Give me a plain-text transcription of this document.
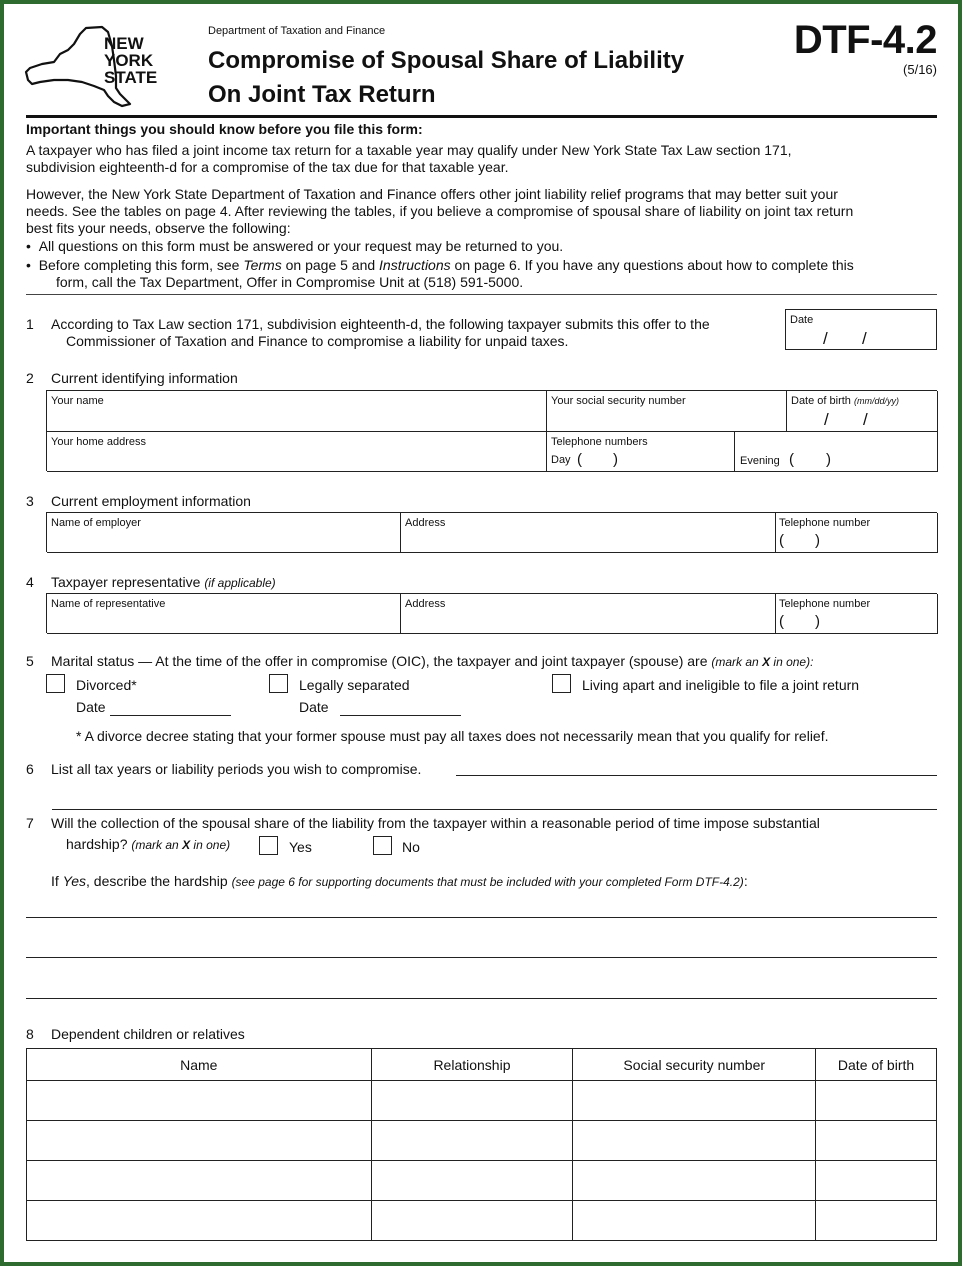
NEW
YORK
STATE
Department of Taxation and Finance
Compromise of Spousal Share of Liability
On Joint Tax Return
DTF-4.2
(5/16)
Important things you should know before you file this form:
A taxpayer who has filed a joint income tax return for a taxable year may qualify under New York State Tax Law section 171,
subdivision eighteenth-d for a compromise of the tax due for that taxable year.
However, the New York State Department of Taxation and Finance offers other joint liability relief programs that may better suit your
needs. See the tables on page 4. After reviewing the tables, if you believe a compromise of spousal share of liability on joint tax return
best fits your needs, observe the following:
• All questions on this form must be answered or your request may be returned to you.
• Before completing this form, see Terms on page 5 and Instructions on page 6. If you have any questions about how to complete this
form, call the Tax Department, Offer in Compromise Unit at (518) 591-5000.
1 According to Tax Law section 171, subdivision eighteenth-d, the following taxpayer submits this offer to the
Commissioner of Taxation and Finance to compromise a liability for unpaid taxes.
Date
/ /
2 Current identifying information
Your name	Your social security number	Date of birth (mm/dd/yy)
/ /
Your home address	Telephone numbers
Day ( )	Evening ( )
3 Current employment information
Name of employer	Address	Telephone number
( )
4 Taxpayer representative (if applicable)
Name of representative	Address	Telephone number
( )
5 Marital status — At the time of the offer in compromise (OIC), the taxpayer and joint taxpayer (spouse) are (mark an X in one):
Divorced*	Legally separated	Living apart and ineligible to file a joint return
Date	Date
* A divorce decree stating that your former spouse must pay all taxes does not necessarily mean that you qualify for relief.
6 List all tax years or liability periods you wish to compromise.
7 Will the collection of the spousal share of the liability from the taxpayer within a reasonable period of time impose substantial
hardship? (mark an X in one)	Yes	No
If Yes, describe the hardship (see page 6 for supporting documents that must be included with your completed Form DTF-4.2):
8 Dependent children or relatives
Name	Relationship	Social security number	Date of birth
